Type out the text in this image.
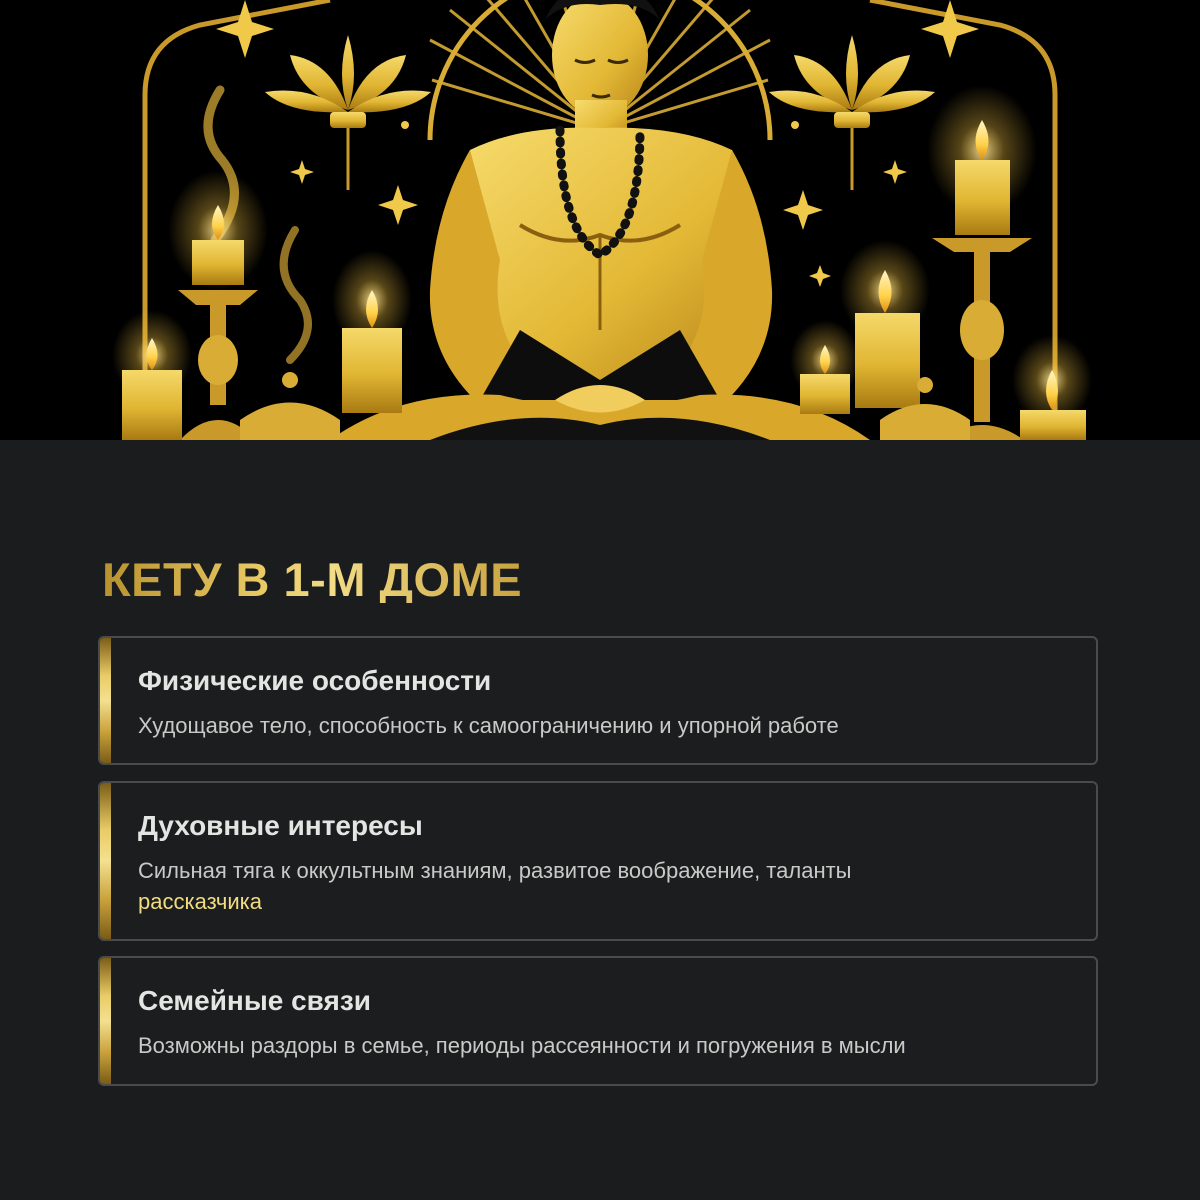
КЕТУ В 1-М ДОМЕ
Физические особенности

Худощавое тело, способность к самоограничению и упорной работе

Духовные интересы

Сильная тяга к оккультным знаниям, развитое воображение, таланты
рассказчика

Семейные связи

Возможны раздоры в семье, периоды рассеянности и погружения в мысли
